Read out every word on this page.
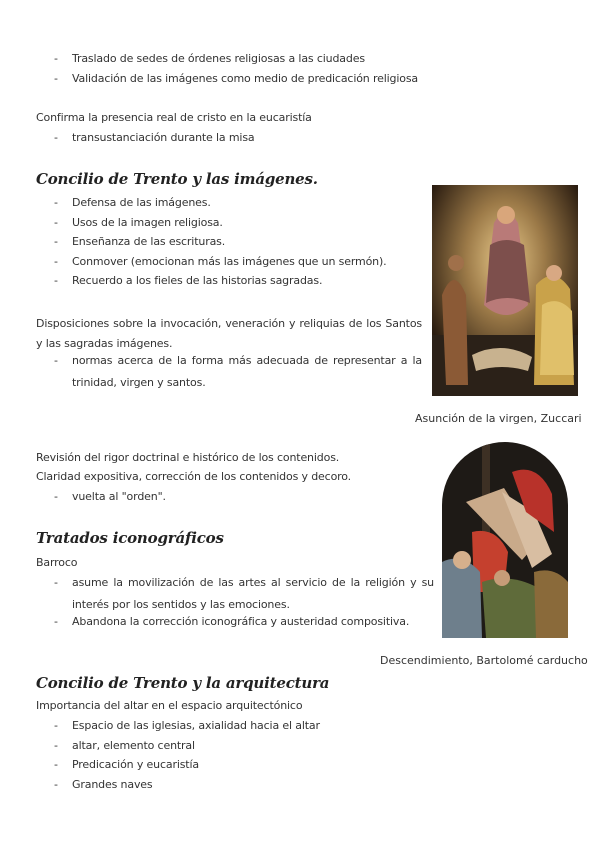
- Traslado de sedes de órdenes religiosas a las ciudades
- Validación de las imágenes como medio de predicación religiosa
Confirma la presencia real de cristo en la eucaristía
- transustanciación durante la misa
Concilio de Trento y las imágenes.
- Defensa de las imágenes.
- Usos de la imagen religiosa.
- Enseñanza de las escrituras.
- Conmover (emocionan más las imágenes que un sermón).
- Recuerdo a los fieles de las historias sagradas.
Disposiciones sobre la invocación, veneración y reliquias de los Santos y las sagradas imágenes.
- normas acerca de la forma más adecuada de representar a la trinidad, virgen y santos.
Asunción de la virgen, Zuccari
Revisión del rigor doctrinal e histórico de los contenidos.
Claridad expositiva, corrección de los contenidos y decoro.
- vuelta al "orden".
Tratados iconográficos
Barroco
- asume la movilización de las artes al servicio de la religión y su interés por los sentidos y las emociones.
- Abandona la corrección iconográfica y austeridad compositiva.
Descendimiento, Bartolomé carducho
Concilio de Trento y la arquitectura
Importancia del altar en el espacio arquitectónico
- Espacio de las iglesias, axialidad hacia el altar
- altar, elemento central
- Predicación y eucaristía
- Grandes naves
